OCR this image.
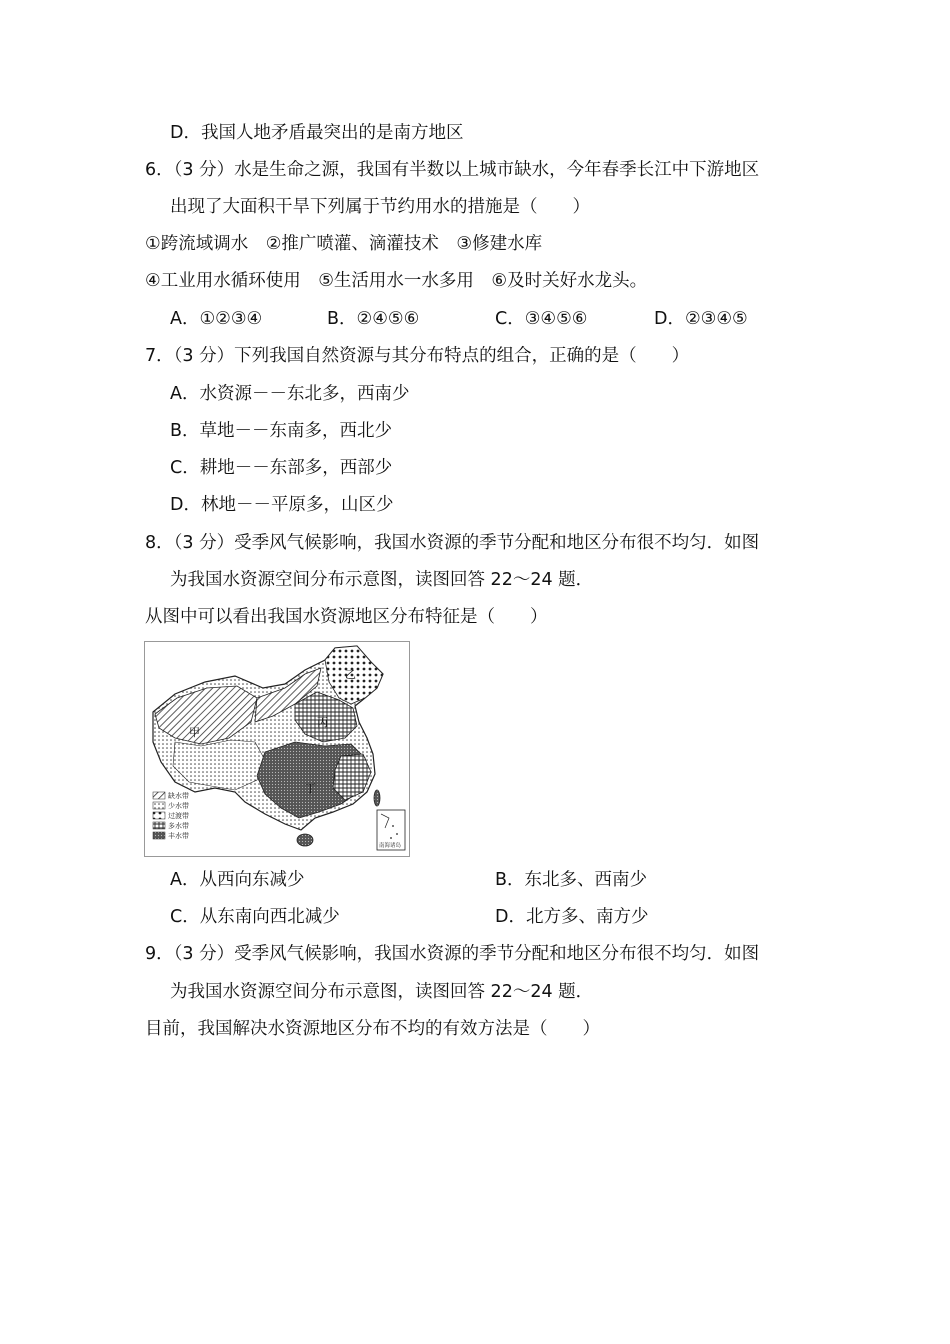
D．我国人地矛盾最突出的是南方地区
6．（3 分）水是生命之源，我国有半数以上城市缺水，今年春季长江中下游地区
出现了大面积干旱下列属于节约用水的措施是（　　）
①跨流域调水　②推广喷灌、滴灌技术　③修建水库
④工业用水循环使用　⑤生活用水一水多用　⑥及时关好水龙头。
A．①②③④	B．②④⑤⑥	C．③④⑤⑥	D．②③④⑤
7．（3 分）下列我国自然资源与其分布特点的组合，正确的是（　　）
A．水资源－－东北多，西南少
B．草地－－东南多，西北少
C．耕地－－东部多，西部少
D．林地－－平原多，山区少
8．（3 分）受季风气候影响，我国水资源的季节分配和地区分布很不均匀．如图
为我国水资源空间分布示意图，读图回答 22～24 题．
从图中可以看出我国水资源地区分布特征是（　　）
甲
乙
丙
丁
缺水带
少水带
过渡带
多水带
丰水带
南海诸岛
A．从西向东减少	B．东北多、西南少
C．从东南向西北减少	D．北方多、南方少
9．（3 分）受季风气候影响，我国水资源的季节分配和地区分布很不均匀．如图
为我国水资源空间分布示意图，读图回答 22～24 题．
目前，我国解决水资源地区分布不均的有效方法是（　　）
